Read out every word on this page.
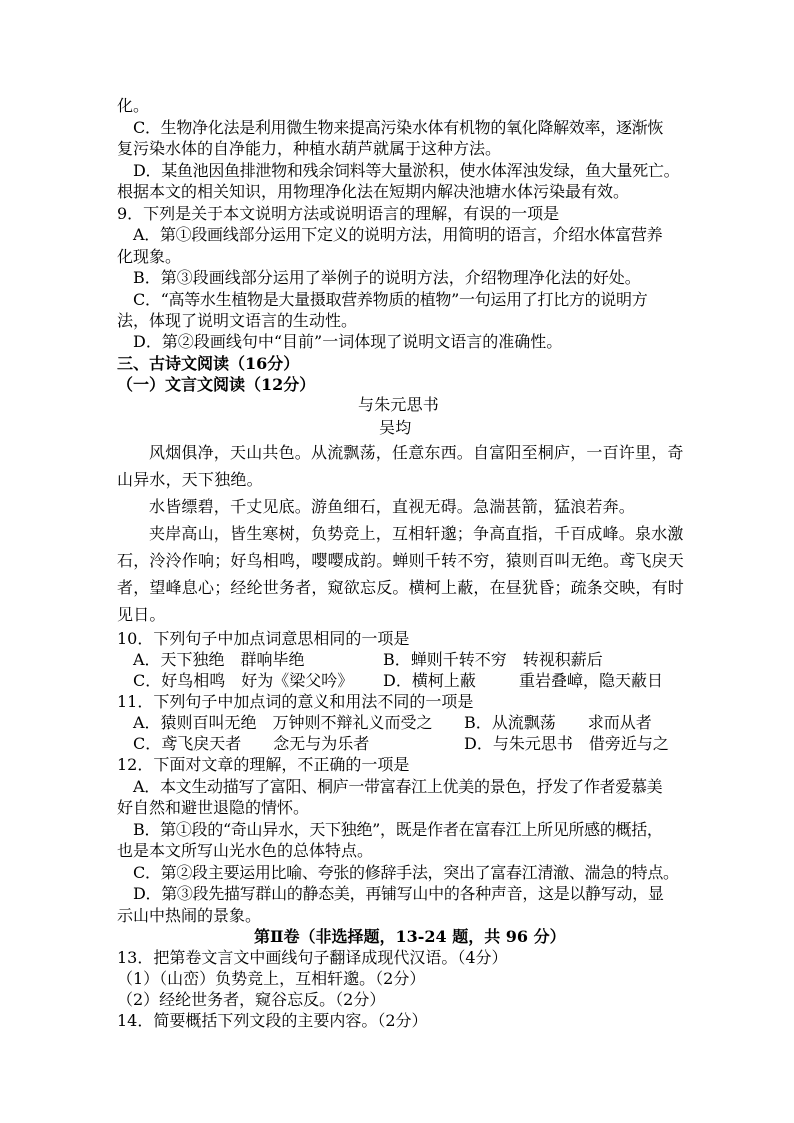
化。
C．生物净化法是利用微生物来提高污染水体有机物的氧化降解效率，逐渐恢
复污染水体的自净能力，种植水葫芦就属于这种方法。
D．某鱼池因鱼排泄物和残余饲料等大量淤积，使水体浑浊发绿，鱼大量死亡。
根据本文的相关知识，用物理净化法在短期内解决池塘水体污染最有效。
9．下列是关于本文说明方法或说明语言的理解，有误的一项是
A．第①段画线部分运用下定义的说明方法，用简明的语言，介绍水体富营养
化现象。
B．第③段画线部分运用了举例子的说明方法，介绍物理净化法的好处。
C．“高等水生植物是大量摄取营养物质的植物”一句运用了打比方的说明方
法，体现了说明文语言的生动性。
D．第②段画线句中“目前”一词体现了说明文语言的准确性。
三、古诗文阅读（16分）
（一）文言文阅读（12分）
与朱元思书
吴均
风烟俱净，天山共色。从流飘荡，任意东西。自富阳至桐庐，一百许里，奇
山异水，天下独绝。
水皆缥碧，千丈见底。游鱼细石，直视无碍。急湍甚箭，猛浪若奔。
夹岸高山，皆生寒树，负势竞上，互相轩邈；争高直指，千百成峰。泉水激
石，泠泠作响；好鸟相鸣，嘤嘤成韵。蝉则千转不穷，猿则百叫无绝。鸢飞戾天
者，望峰息心；经纶世务者，窥欲忘反。横柯上蔽，在昼犹昏；疏条交映，有时
见日。
10．下列句子中加点词意思相同的一项是
A．天下独绝　群响毕绝	B．蝉则千转不穷　转视积薪后
C．好鸟相鸣　好为《梁父吟》 D．横柯上蔽	重岩叠嶂，隐天蔽日
11．下列句子中加点词的意义和用法不同的一项是
A．猿则百叫无绝　万钟则不辩礼义而受之 B．从流飘荡　　求而从者
C．鸢飞戾天者　　念无与为乐者	D．与朱元思书　借旁近与之
12．下面对文章的理解，不正确的一项是
A．本文生动描写了富阳、桐庐一带富春江上优美的景色，抒发了作者爱慕美
好自然和避世退隐的情怀。
B．第①段的“奇山异水，天下独绝”，既是作者在富春江上所见所感的概括，
也是本文所写山光水色的总体特点。
C．第②段主要运用比喻、夸张的修辞手法，突出了富春江清澈、湍急的特点。
D．第③段先描写群山的静态美，再铺写山中的各种声音，这是以静写动，显
示山中热闹的景象。
第Ⅱ卷（非选择题，13-24 题，共 96 分）
13．把第卷文言文中画线句子翻译成现代汉语。（4分）
（1）（山峦）负势竞上，互相轩邈。（2分）
（2）经纶世务者，窥谷忘反。（2分）
14．简要概括下列文段的主要内容。（2分）
